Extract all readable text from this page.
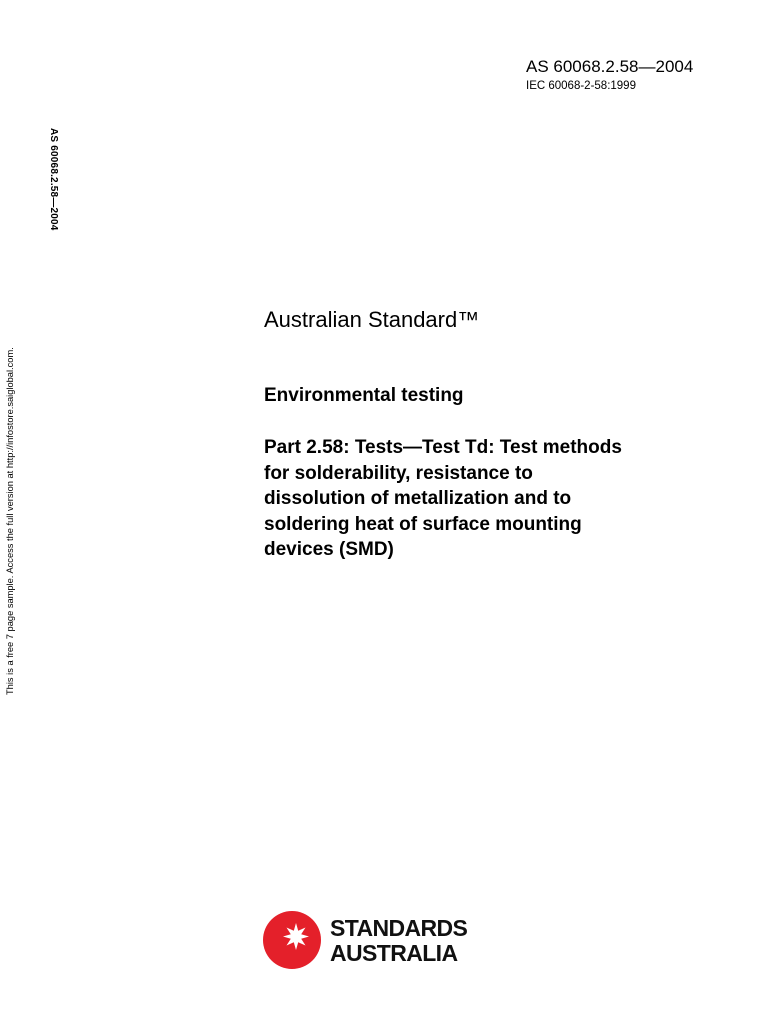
AS 60068.2.58—2004
IEC 60068-2-58:1999
AS 60068.2.58—2004
This is a free 7 page sample. Access the full version at http://infostore.saiglobal.com.
Australian Standard™
Environmental testing
Part 2.58: Tests—Test Td: Test methods
for solderability, resistance to
dissolution of metallization and to
soldering heat of surface mounting
devices (SMD)
STANDARDS
AUSTRALIA
